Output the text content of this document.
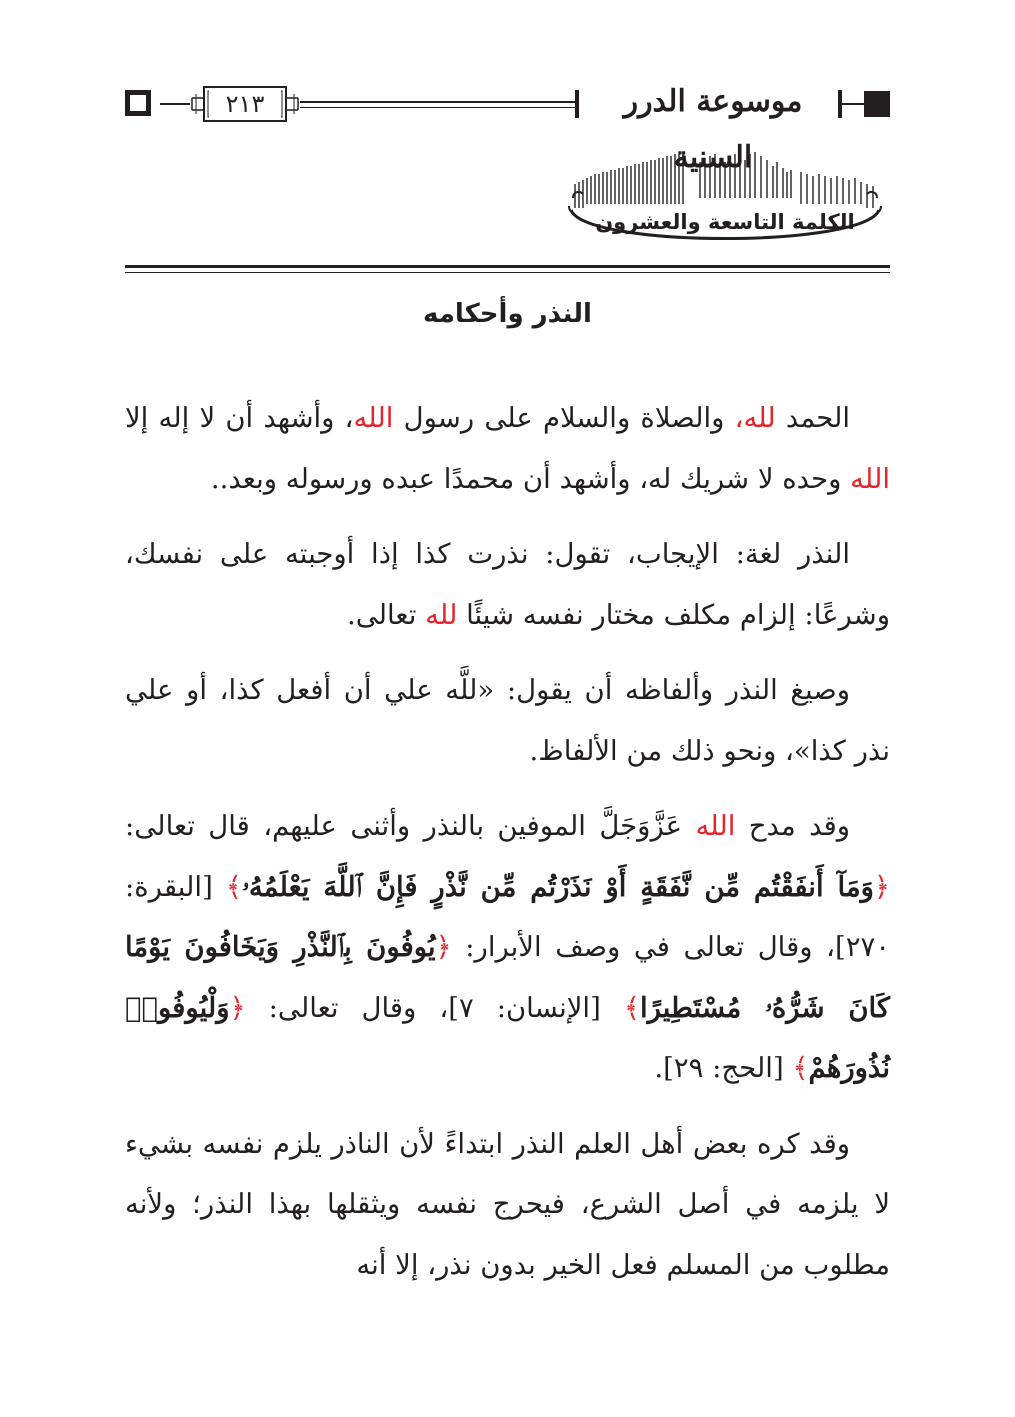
موسوعة الدرر السنية
٢١٣
الكلمة التاسعة والعشرون
النذر وأحكامه

الحمد لله، والصلاة والسلام على رسول الله، وأشهد أن لا إله إلا الله وحده لا شريك له، وأشهد أن محمدًا عبده ورسوله وبعد..

النذر لغة: الإيجاب، تقول: نذرت كذا إذا أوجبته على نفسك، وشرعًا: إلزام مكلف مختار نفسه شيئًا لله تعالى.

وصيغ النذر وألفاظه أن يقول: «للَّه علي أن أفعل كذا، أو علي نذر كذا»، ونحو ذلك من الألفاظ.

وقد مدح الله عَزَّوَجَلَّ الموفين بالنذر وأثنى عليهم، قال تعالى: ﴿وَمَآ أَنفَقْتُم مِّن نَّفَقَةٍ أَوْ نَذَرْتُم مِّن نَّذْرٍ فَإِنَّ ٱللَّهَ يَعْلَمُهُۥ﴾ [البقرة: ٢٧٠]، وقال تعالى في وصف الأبرار: ﴿يُوفُونَ بِٱلنَّذْرِ وَيَخَافُونَ يَوْمًا كَانَ شَرُّهُۥ مُسْتَطِيرًا﴾ [الإنسان: ٧]، وقال تعالى: ﴿وَلْيُوفُوا۟ نُذُورَهُمْ﴾ [الحج: ٢٩].

وقد كره بعض أهل العلم النذر ابتداءً لأن الناذر يلزم نفسه بشيء لا يلزمه في أصل الشرع، فيحرج نفسه ويثقلها بهذا النذر؛ ولأنه مطلوب من المسلم فعل الخير بدون نذر، إلا أنه
